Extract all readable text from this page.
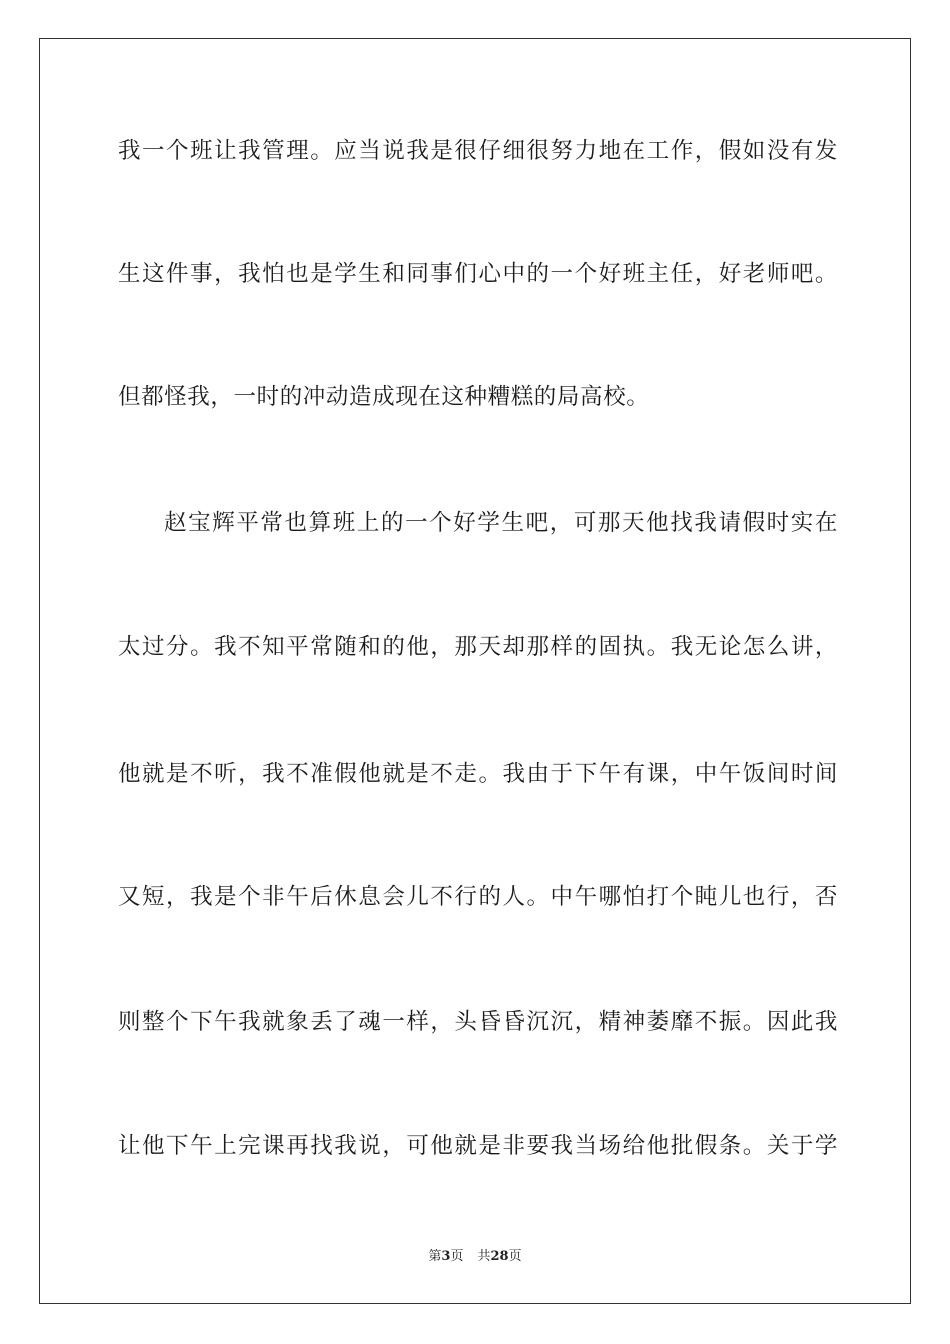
我一个班让我管理。应当说我是很仔细很努力地在工作，假如没有发
生这件事，我怕也是学生和同事们心中的一个好班主任，好老师吧。
但都怪我，一时的冲动造成现在这种糟糕的局高校。
赵宝辉平常也算班上的一个好学生吧，可那天他找我请假时实在
太过分。我不知平常随和的他，那天却那样的固执。我无论怎么讲，
他就是不听，我不准假他就是不走。我由于下午有课，中午饭间时间
又短，我是个非午后休息会儿不行的人。中午哪怕打个盹儿也行，否
则整个下午我就象丢了魂一样，头昏昏沉沉，精神萎靡不振。因此我
让他下午上完课再找我说，可他就是非要我当场给他批假条。关于学
第3页 共28页
